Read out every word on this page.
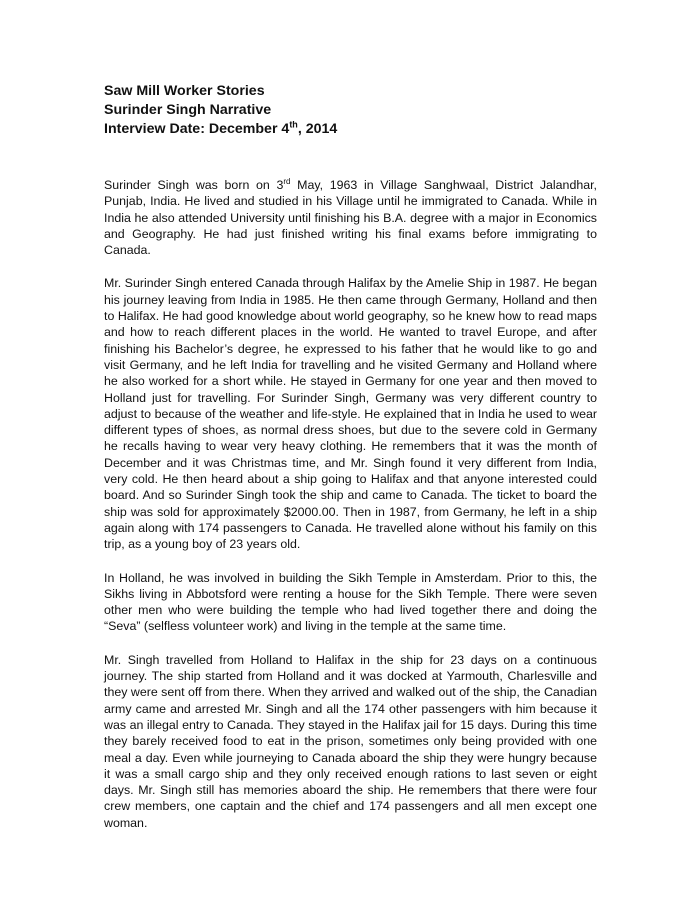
Saw Mill Worker Stories

Surinder Singh Narrative

Interview Date: December 4th, 2014

Surinder Singh was born on 3rd May, 1963 in Village Sanghwaal, District Jalandhar, Punjab, India. He lived and studied in his Village until he immigrated to Canada. While in India he also attended University until finishing his B.A. degree with a major in Economics and Geography. He had just finished writing his final exams before immigrating to Canada.

Mr. Surinder Singh entered Canada through Halifax by the Amelie Ship in 1987. He began his journey leaving from India in 1985. He then came through Germany, Holland and then to Halifax. He had good knowledge about world geography, so he knew how to read maps and how to reach different places in the world. He wanted to travel Europe, and after finishing his Bachelor’s degree, he expressed to his father that he would like to go and visit Germany, and he left India for travelling and he visited Germany and Holland where he also worked for a short while. He stayed in Germany for one year and then moved to Holland just for travelling. For Surinder Singh, Germany was very different country to adjust to because of the weather and life-style. He explained that in India he used to wear different types of shoes, as normal dress shoes, but due to the severe cold in Germany he recalls having to wear very heavy clothing. He remembers that it was the month of December and it was Christmas time, and Mr. Singh found it very different from India, very cold. He then heard about a ship going to Halifax and that anyone interested could board. And so Surinder Singh took the ship and came to Canada. The ticket to board the ship was sold for approximately $2000.00. Then in 1987, from Germany, he left in a ship again along with 174 passengers to Canada. He travelled alone without his family on this trip, as a young boy of 23 years old.

In Holland, he was involved in building the Sikh Temple in Amsterdam. Prior to this, the Sikhs living in Abbotsford were renting a house for the Sikh Temple. There were seven other men who were building the temple who had lived together there and doing the “Seva” (selfless volunteer work) and living in the temple at the same time.

Mr. Singh travelled from Holland to Halifax in the ship for 23 days on a continuous journey. The ship started from Holland and it was docked at Yarmouth, Charlesville and they were sent off from there. When they arrived and walked out of the ship, the Canadian army came and arrested Mr. Singh and all the 174 other passengers with him because it was an illegal entry to Canada. They stayed in the Halifax jail for 15 days. During this time they barely received food to eat in the prison, sometimes only being provided with one meal a day. Even while journeying to Canada aboard the ship they were hungry because it was a small cargo ship and they only received enough rations to last seven or eight days. Mr. Singh still has memories aboard the ship. He remembers that there were four crew members, one captain and the chief and 174 passengers and all men except one woman.
